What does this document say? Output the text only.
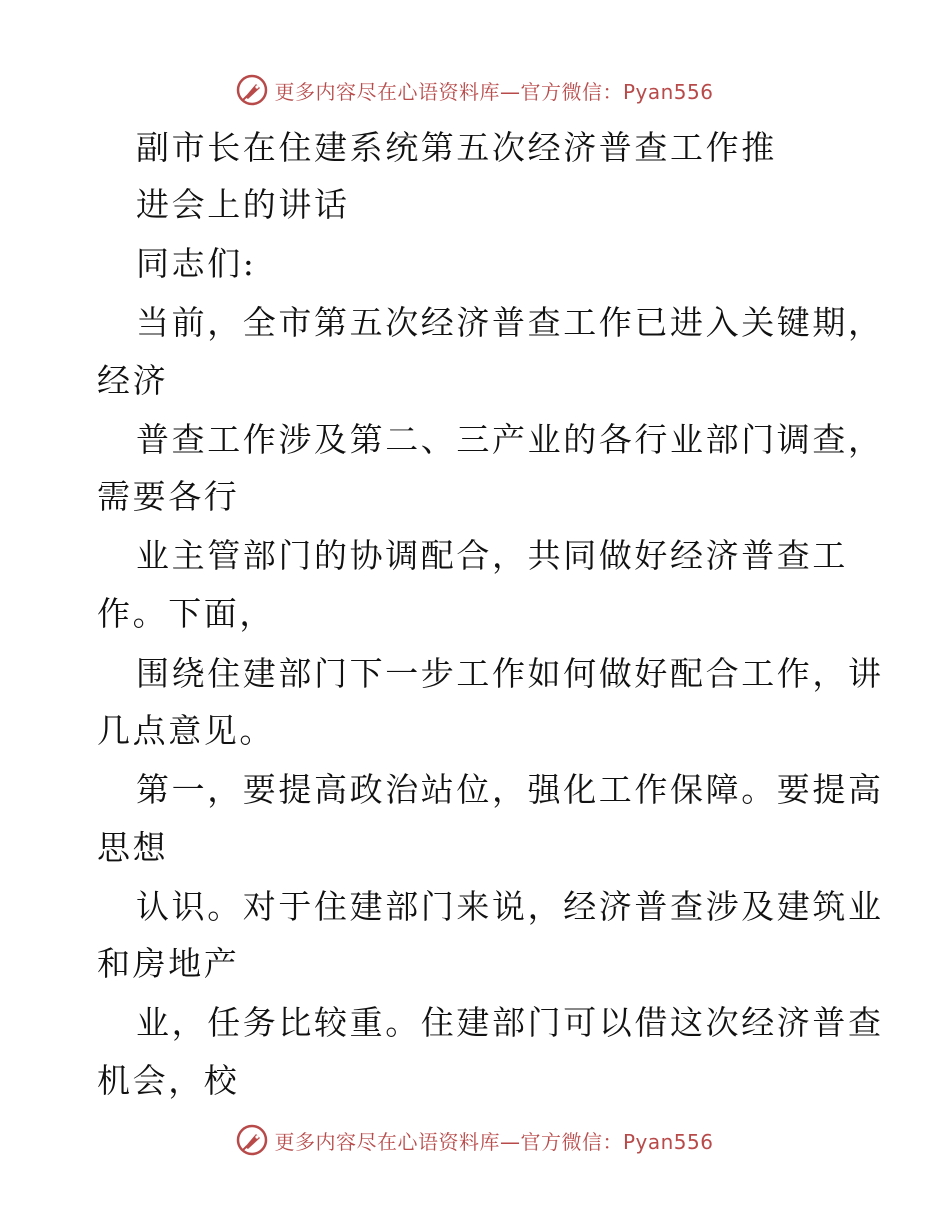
更多内容尽在心语资料库—官方微信：Pyan556
副市长在住建系统第五次经济普查工作推
进会上的讲话
同志们:
当前，全市第五次经济普查工作已进入关键期，
经济
普查工作涉及第二、三产业的各行业部门调查，
需要各行
业主管部门的协调配合，共同做好经济普查工
作。下面，
围绕住建部门下一步工作如何做好配合工作，讲
几点意见。
第一，要提高政治站位，强化工作保障。要提高
思想
认识。对于住建部门来说，经济普查涉及建筑业
和房地产
业，任务比较重。住建部门可以借这次经济普查
机会，校
更多内容尽在心语资料库—官方微信：Pyan556
